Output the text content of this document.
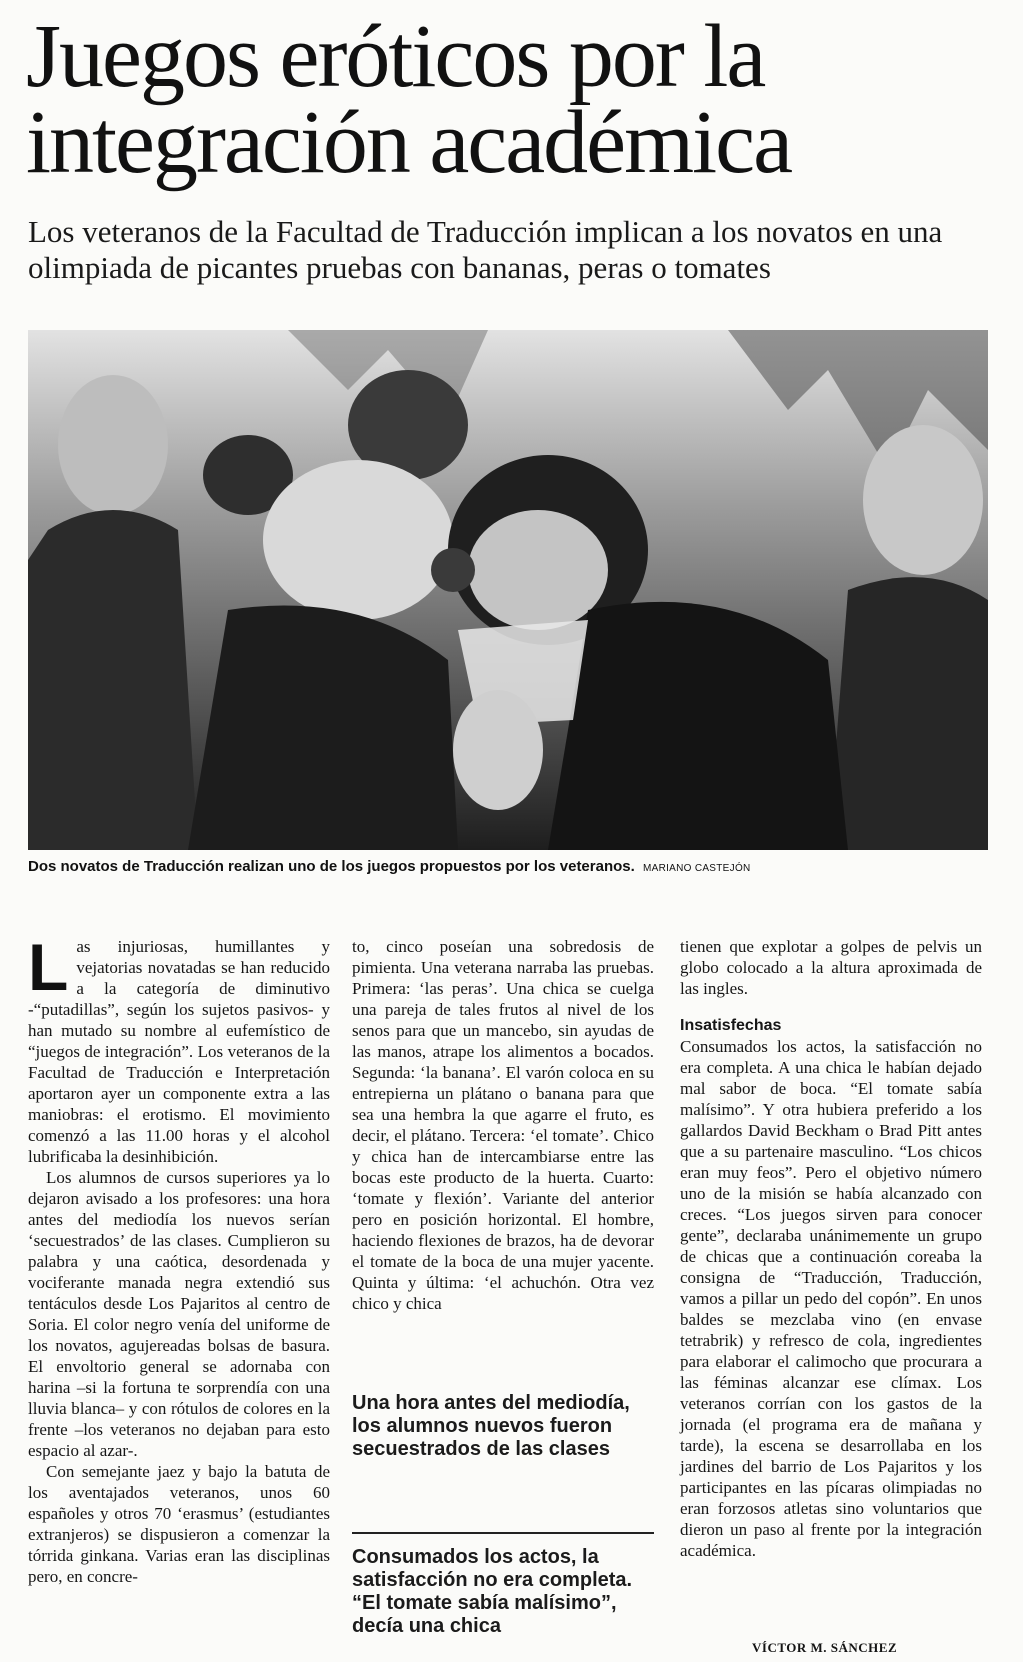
Juegos eróticos por la integración académica

Los veteranos de la Facultad de Traducción implican a los novatos en una olimpiada de picantes pruebas con bananas, peras o tomates

Dos novatos de Traducción realizan uno de los juegos propuestos por los veteranos. MARIANO CASTEJÓN

Las injuriosas, humillantes y vejatorias novatadas se han reducido a la categoría de diminutivo -“putadillas”, según los sujetos pasivos- y han mutado su nombre al eufemístico de “juegos de integración”. Los veteranos de la Facultad de Traducción e Interpretación aportaron ayer un componente extra a las maniobras: el erotismo. El movimiento comenzó a las 11.00 horas y el alcohol lubrificaba la desinhibición.

Los alumnos de cursos superiores ya lo dejaron avisado a los profesores: una hora antes del mediodía los nuevos serían ‘secuestrados’ de las clases. Cumplieron su palabra y una caótica, desordenada y vociferante manada negra extendió sus tentáculos desde Los Pajaritos al centro de Soria. El color negro venía del uniforme de los novatos, agujereadas bolsas de basura. El envoltorio general se adornaba con harina –si la fortuna te sorprendía con una lluvia blanca– y con rótulos de colores en la frente –los veteranos no dejaban para esto espacio al azar-.

Con semejante jaez y bajo la batuta de los aventajados veteranos, unos 60 españoles y otros 70 ‘erasmus’ (estudiantes extranjeros) se dispusieron a comenzar la tórrida ginkana. Varias eran las disciplinas pero, en concre-

to, cinco poseían una sobredosis de pimienta. Una veterana narraba las pruebas. Primera: ‘las peras’. Una chica se cuelga una pareja de tales frutos al nivel de los senos para que un mancebo, sin ayudas de las manos, atrape los alimentos a bocados. Segunda: ‘la banana’. El varón coloca en su entrepierna un plátano o banana para que sea una hembra la que agarre el fruto, es decir, el plátano. Tercera: ‘el tomate’. Chico y chica han de intercambiarse entre las bocas este producto de la huerta. Cuarto: ‘tomate y flexión’. Variante del anterior pero en posición horizontal. El hombre, haciendo flexiones de brazos, ha de devorar el tomate de la boca de una mujer yacente. Quinta y última: ‘el achuchón. Otra vez chico y chica

Una hora antes del mediodía, los alumnos nuevos fueron secuestrados de las clases
Consumados los actos, la satisfacción no era completa. “El tomate sabía malísimo”, decía una chica

tienen que explotar a golpes de pelvis un globo colocado a la altura aproximada de las ingles.

Insatisfechas

Consumados los actos, la satisfacción no era completa. A una chica le habían dejado mal sabor de boca. “El tomate sabía malísimo”. Y otra hubiera preferido a los gallardos David Beckham o Brad Pitt antes que a su partenaire masculino. “Los chicos eran muy feos”. Pero el objetivo número uno de la misión se había alcanzado con creces. “Los juegos sirven para conocer gente”, declaraba unánimemente un grupo de chicas que a continuación coreaba la consigna de “Traducción, Traducción, vamos a pillar un pedo del copón”. En unos baldes se mezclaba vino (en envase tetrabrik) y refresco de cola, ingredientes para elaborar el calimocho que procurara a las féminas alcanzar ese clímax. Los veteranos corrían con los gastos de la jornada (el programa era de mañana y tarde), la escena se desarrollaba en los jardines del barrio de Los Pajaritos y los participantes en las pícaras olimpiadas no eran forzosos atletas sino voluntarios que dieron un paso al frente por la integración académica.

VÍCTOR M. SÁNCHEZ
